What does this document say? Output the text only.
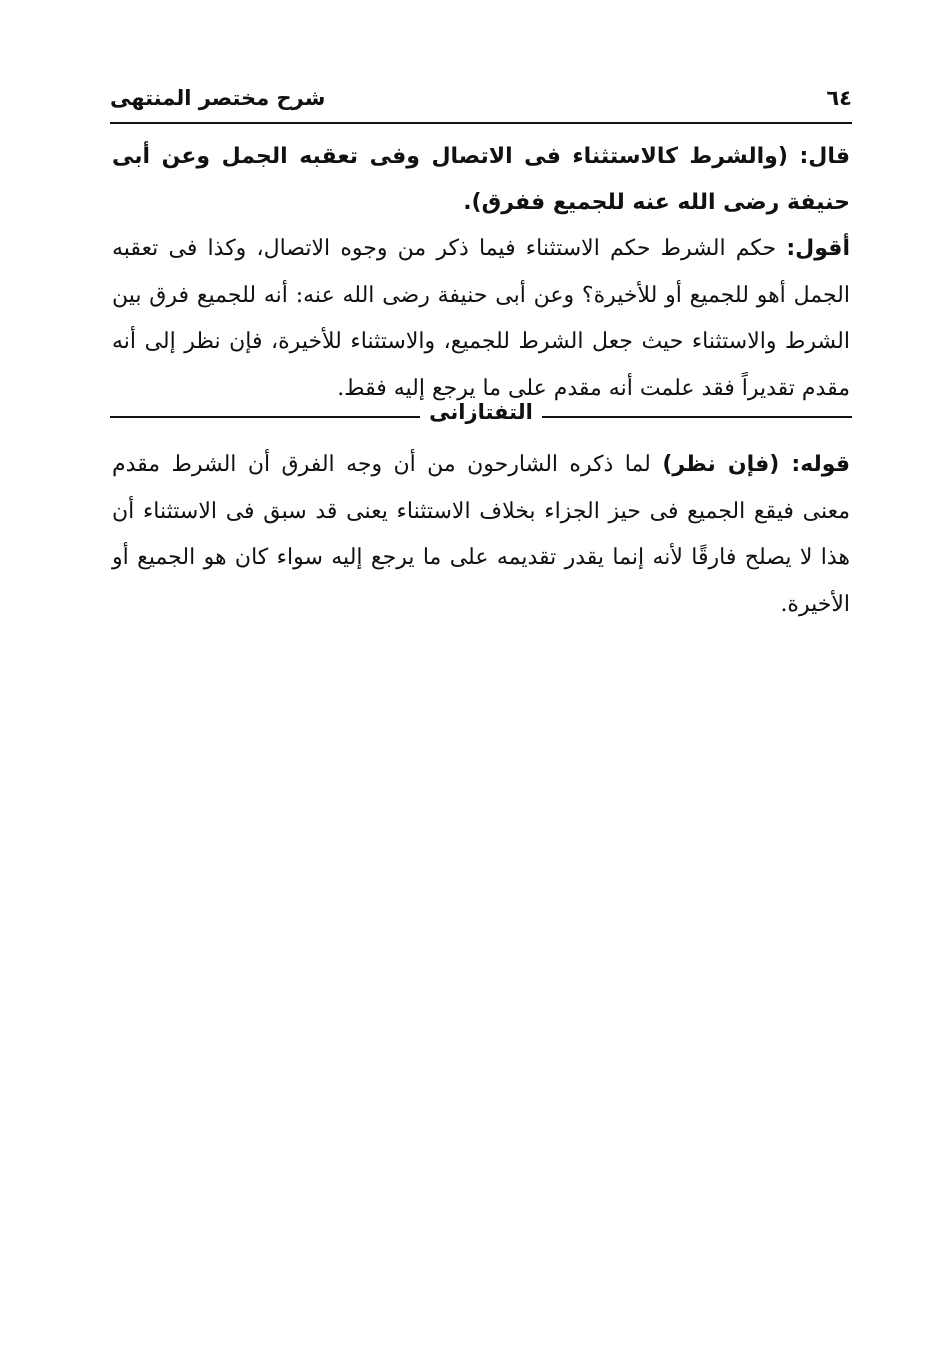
٦٤
شرح مختصر المنتهى

قال: (والشرط كالاستثناء فى الاتصال وفى تعقبه الجمل وعن أبى حنيفة رضى الله عنه للجميع ففرق).

أقول: حكم الشرط حكم الاستثناء فيما ذكر من وجوه الاتصال، وكذا فى تعقبه الجمل أهو للجميع أو للأخيرة؟ وعن أبى حنيفة رضى الله عنه: أنه للجميع فرق بين الشرط والاستثناء حيث جعل الشرط للجميع، والاستثناء للأخيرة، فإن نظر إلى أنه مقدم تقديراً فقد علمت أنه مقدم على ما يرجع إليه فقط.

التفتازانى

قوله: (فإن نظر) لما ذكره الشارحون من أن وجه الفرق أن الشرط مقدم معنى فيقع الجميع فى حيز الجزاء بخلاف الاستثناء يعنى قد سبق فى الاستثناء أن هذا لا يصلح فارقًا لأنه إنما يقدر تقديمه على ما يرجع إليه سواء كان هو الجميع أو الأخيرة.
